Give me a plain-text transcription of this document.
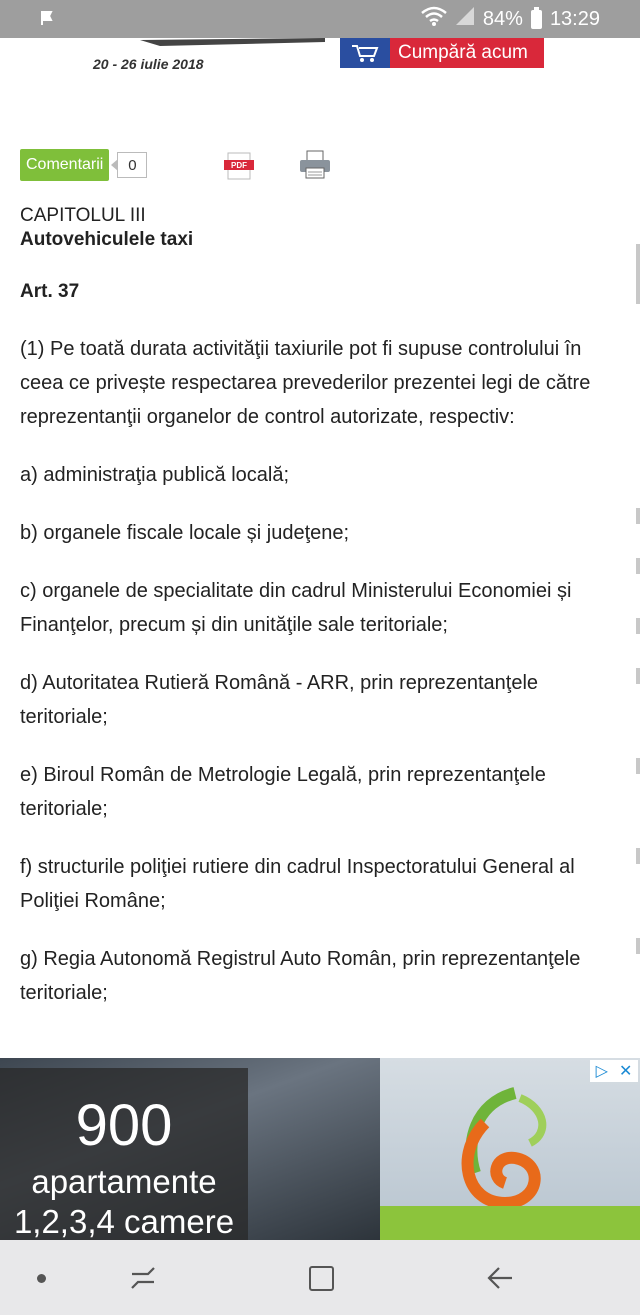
84% 13:29
20 - 26 iulie 2018
Cumpără acum
Comentarii	0	PDF

CAPITOLUL III

Autovehiculele taxi

Art. 37
(1) Pe toată durata activităţii taxiurile pot fi supuse controlului în
ceea ce privește respectarea prevederilor prezentei legi de către
reprezentanţii organelor de control autorizate, respectiv:
a) administraţia publică locală;
b) organele fiscale locale și judeţene;
c) organele de specialitate din cadrul Ministerului Economiei și
Finanţelor, precum și din unităţile sale teritoriale;
d) Autoritatea Rutieră Română - ARR, prin reprezentanţele
teritoriale;
e) Biroul Român de Metrologie Legală, prin reprezentanţele
teritoriale;
f) structurile poliţiei rutiere din cadrul Inspectoratului General al
Poliţiei Române;
g) Regia Autonomă Registrul Auto Român, prin reprezentanţele
teritoriale;
900
apartamente
1,2,3,4 camere
▷ ✕
